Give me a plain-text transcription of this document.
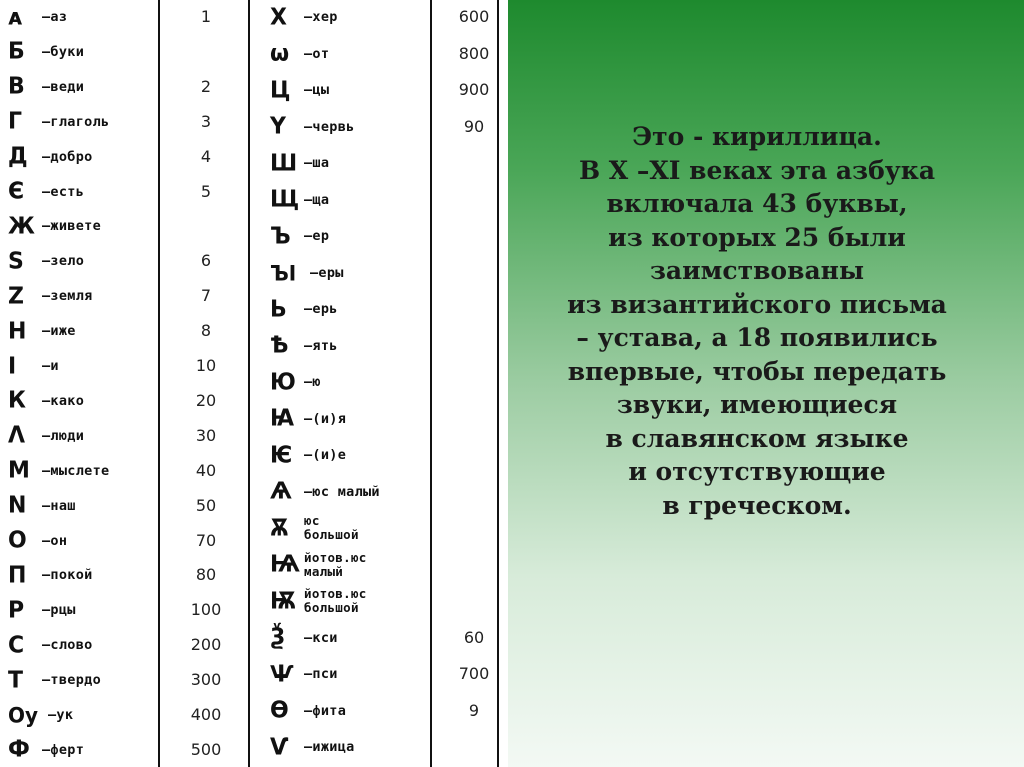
ᴀ	—аз	1
Б	—буки
В	—веди	2
Г	—глаголь	3
Д	—добро	4
Є	—есть	5
Ж —живете
S	—зело	6
Ζ	—земля	7
Н	—иже	8
I	—и	10
К	—како	20
Λ	—люди	30
М —мыслете	40
N	—наш	50
О	—он	70
П	—покой	80
Р	—рцы	100
С	—слово	200
Т	—твердо	300
Оу —ук	400
Ф —ферт	500
Х	—хер	600
ω	—от	800
Ц	—цы	900
Ү	—червь	90
Ш —ша
Щ —ща
Ъ —ер
ЪI	—еры
Ь	—ерь
Ѣ	—ять
Ю —ю
Ꙗ —(и)я
Ѥ —(и)е
Ѧ —юс малый
Ѫ	юс
большой
Ѩ йотов.юс
малый
Ѭ йотов.юс
большой
Ѯ	—кси	60
Ѱ —пси	700
Ѳ	—фита	9
Ѵ	—ижица
Это - кириллица.
В X –XI веках эта азбука
включала 43 буквы,
из которых 25 были
заимствованы
из византийского письма
– устава, а 18 появились
впервые, чтобы передать
звуки, имеющиеся
в славянском языке
и отсутствующие
в греческом.
